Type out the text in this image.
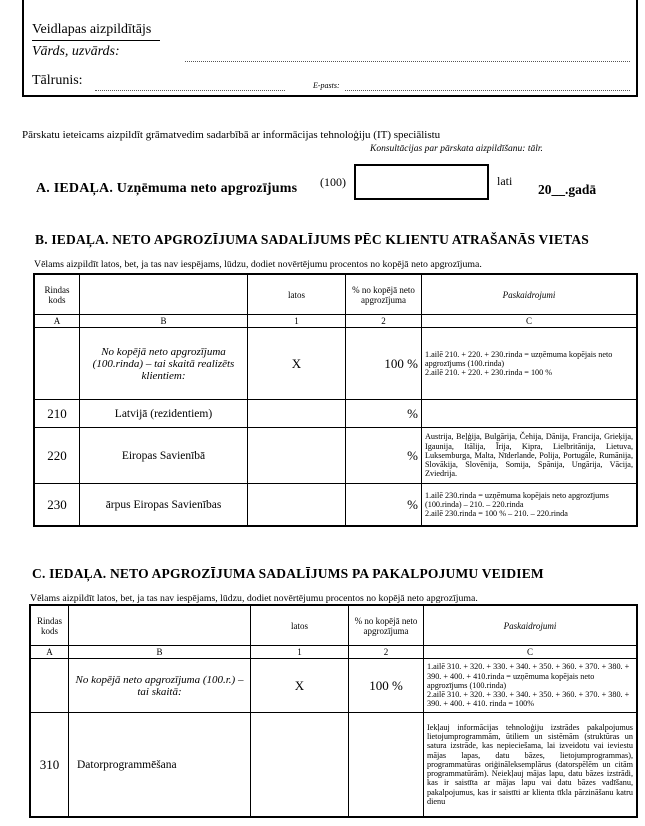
Veidlapas aizpildītājs
Vārds, uzvārds:
Tālrunis:	E-pasts:
Pārskatu ieteicams aizpildīt grāmatvedim sadarbībā ar informācijas tehnoloģiju (IT) speciālistu
Konsultācijas par pārskata aizpildīšanu: tālr.
A. IEDAĻA. Uzņēmuma neto apgrozījums (100)	lati
20__.gadā
B. IEDAĻA. NETO APGROZĪJUMA SADALĪJUMS PĒC KLIENTU ATRAŠANĀS VIETAS
Vēlams aizpildīt latos, bet, ja tas nav iespējams, lūdzu, dodiet novērtējumu procentos no kopējā neto apgrozījuma.
Rindas kods		latos	% no kopējā neto apgrozījuma	Paskaidrojumi
A	B	1	2	C
	No kopējā neto apgrozījuma (100.rinda) – tai skaitā realizēts klientiem:	X	100 %	1.ailē 210. + 220. + 230.rinda = uzņēmuma kopējais neto apgrozījums (100.rinda)
2.ailē 210. + 220. + 230.rinda = 100 %

210	Latvijā (rezidentiem)		%	
220	Eiropas Savienībā		%	Austrija, Beļģija, Bulgārija, Čehija, Dānija, Francija, Grieķija, Igaunija, Itālija, Īrija, Kipra, Lielbritānija, Lietuva, Luksemburga, Malta, Nīderlande, Polija, Portugāle, Rumānija, Slovākija, Slovēnija, Somija, Spānija, Ungārija, Vācija, Zviedrija.
230	ārpus Eiropas Savienības		%	1.ailē 230.rinda = uzņēmuma kopējais neto apgrozījums (100.rinda) – 210. – 220.rinda
2.ailē 230.rinda = 100 % – 210. – 220.rinda
C. IEDAĻA. NETO APGROZĪJUMA SADALĪJUMS PA PAKALPOJUMU VEIDIEM
Vēlams aizpildīt latos, bet, ja tas nav iespējams, lūdzu, dodiet novērtējumu procentos no kopējā neto apgrozījuma.
Rindas kods		latos	% no kopējā neto apgrozījuma	Paskaidrojumi
A	B	1	2	C
	No kopējā neto apgrozījuma (100.r.) – tai skaitā:	X	100 %	1.ailē 310. + 320. + 330. + 340. + 350. + 360. + 370. + 380. + 390. + 400. + 410.rinda = uzņēmuma kopējais neto apgrozījums (100.rinda)
2.ailē 310. + 320. + 330. + 340. + 350. + 360. + 370. + 380. + 390. + 400. + 410. rinda = 100%

310	Datorprogrammēšana			Iekļauj informācijas tehnoloģiju izstrādes pakalpojumus lietojumprogrammām, ūtiliem un sistēmām (struktūras un satura izstrāde, kas nepieciešama, lai izveidotu vai ieviestu mājas lapas, datu bāzes, lietojumprogrammas), programmatūras oriģināleksemplārus (datorspēlēm un citām programmatūrām). Neiekļauj mājas lapu, datu bāzes izstrādi, kas ir saistīta ar mājas lapu vai datu bāzes vadīšanu, pakalpojumus, kas ir saistīti ar klienta tīkla pārzināšanu katru dienu
